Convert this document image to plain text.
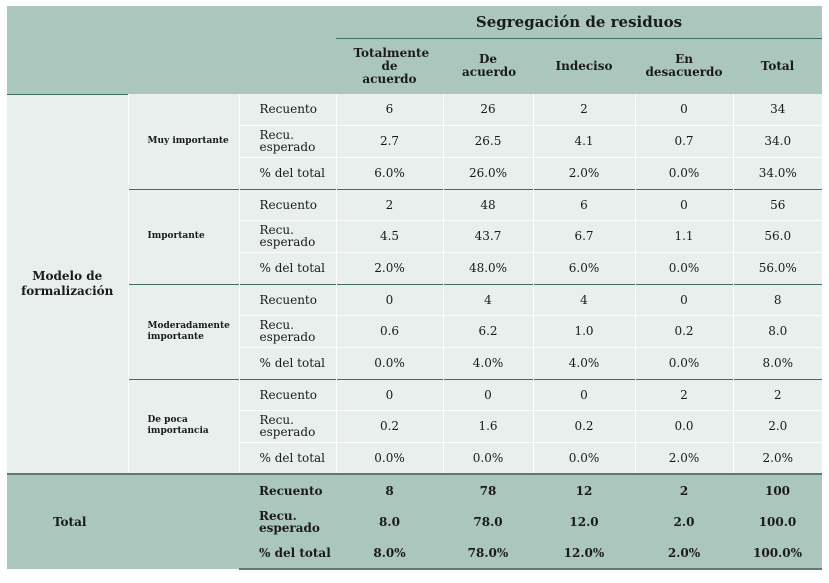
			Segregación de residuos				
			Totalmente de acuerdo	De acuerdo	Indeciso	En desacuerdo	Total
Modelo de formalización	Muy importante	Recuento	6	26	2	0	34
		Recu. esperado	2.7	26.5	4.1	0.7	34.0
		% del total	6.0%	26.0%	2.0%	0.0%	34.0%
	Importante	Recuento	2	48	6	0	56
		Recu. esperado	4.5	43.7	6.7	1.1	56.0
		% del total	2.0%	48.0%	6.0%	0.0%	56.0%
	Moderadamente importante	Recuento	0	4	4	0	8
		Recu. esperado	0.6	6.2	1.0	0.2	8.0
		% del total	0.0%	4.0%	4.0%	0.0%	8.0%
	De poca importancia	Recuento	0	0	0	2	2
		Recu. esperado	0.2	1.6	0.2	0.0	2.0
		% del total	0.0%	0.0%	0.0%	2.0%	2.0%
Total		Recuento	8	78	12	2	100
		Recu. esperado	8.0	78.0	12.0	2.0	100.0
		% del total	8.0%	78.0%	12.0%	2.0%	100.0%
